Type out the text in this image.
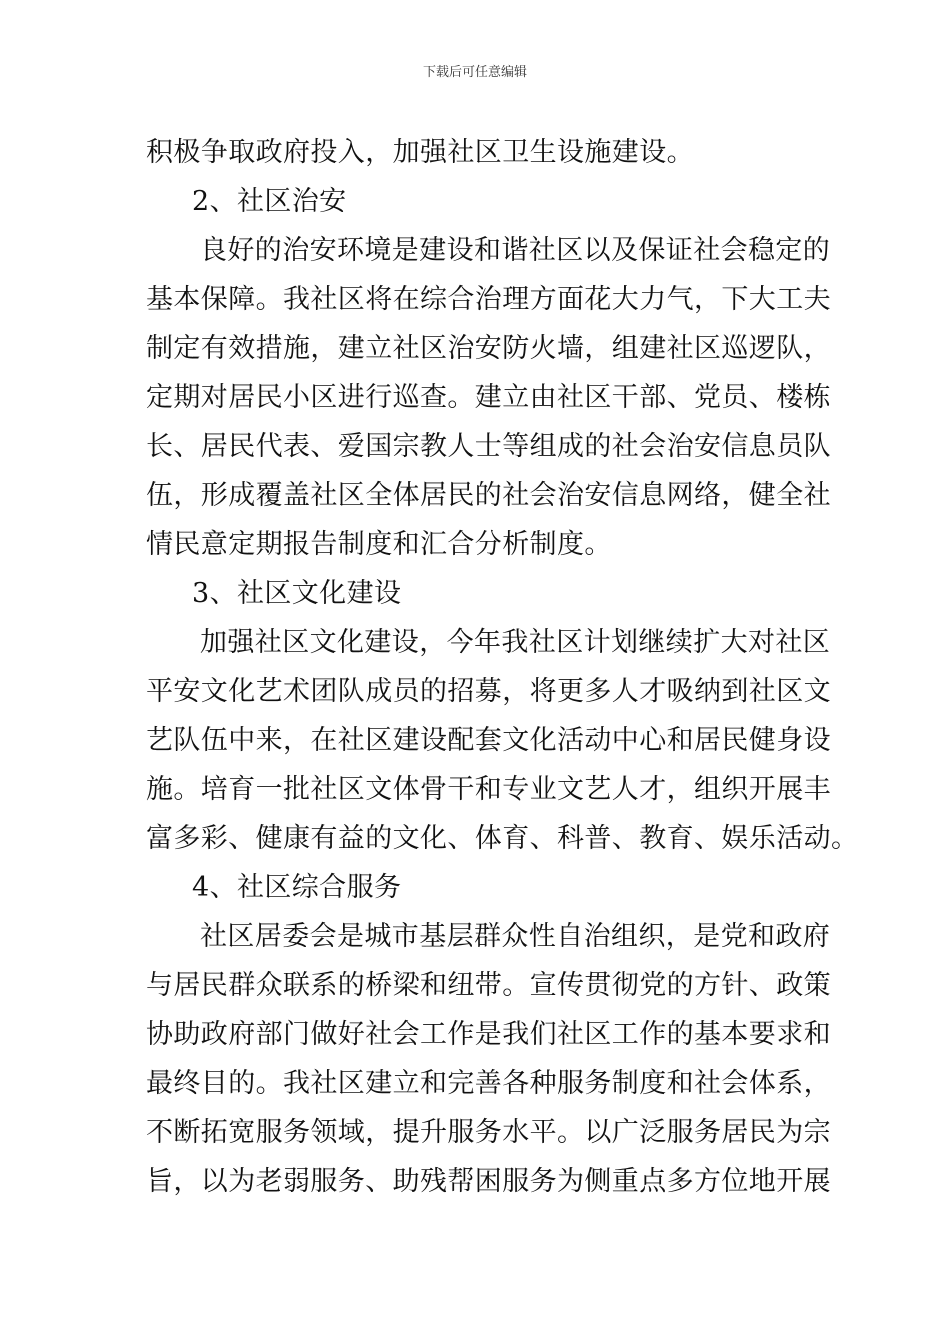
下载后可任意编辑
积极争取政府投入，加强社区卫生设施建设。
2、社区治安
良好的治安环境是建设和谐社区以及保证社会稳定的
基本保障。我社区将在综合治理方面花大力气，下大工夫
制定有效措施，建立社区治安防火墙，组建社区巡逻队，
定期对居民小区进行巡查。建立由社区干部、党员、楼栋
长、居民代表、爱国宗教人士等组成的社会治安信息员队
伍，形成覆盖社区全体居民的社会治安信息网络，健全社
情民意定期报告制度和汇合分析制度。
3、社区文化建设
加强社区文化建设，今年我社区计划继续扩大对社区
平安文化艺术团队成员的招募，将更多人才吸纳到社区文
艺队伍中来，在社区建设配套文化活动中心和居民健身设
施。培育一批社区文体骨干和专业文艺人才，组织开展丰
富多彩、健康有益的文化、体育、科普、教育、娱乐活动。
4、社区综合服务
社区居委会是城市基层群众性自治组织，是党和政府
与居民群众联系的桥梁和纽带。宣传贯彻党的方针、政策
协助政府部门做好社会工作是我们社区工作的基本要求和
最终目的。我社区建立和完善各种服务制度和社会体系，
不断拓宽服务领域，提升服务水平。以广泛服务居民为宗
旨，以为老弱服务、助残帮困服务为侧重点多方位地开展
